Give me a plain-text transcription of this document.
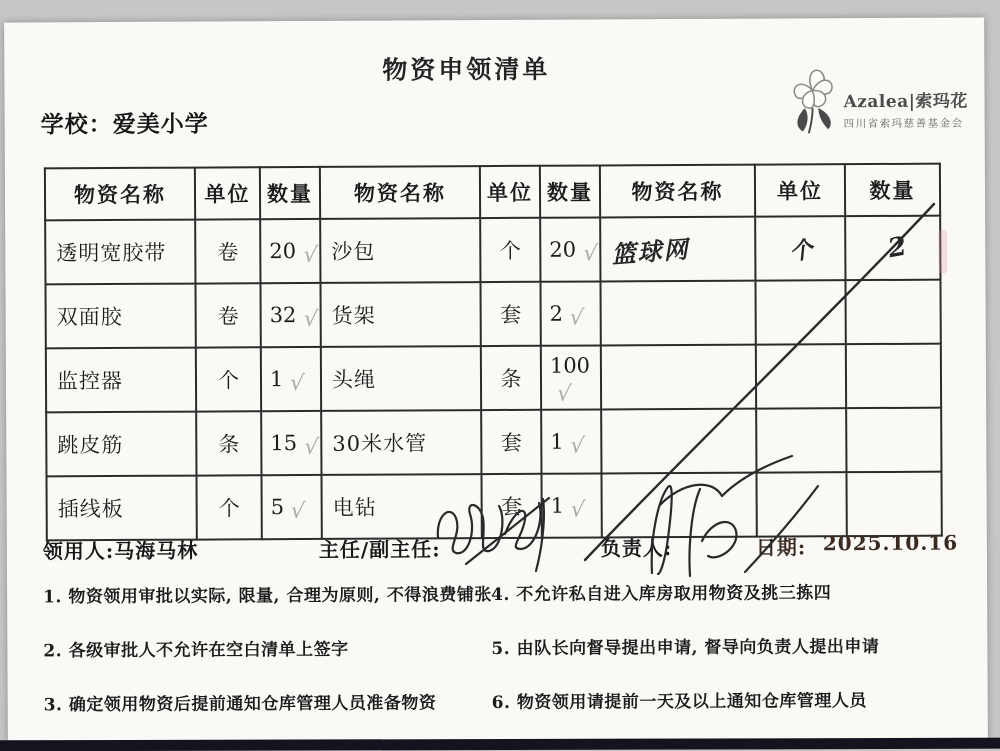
物资申领清单
Azalea|索玛花
四川省索玛慈善基金会
学校：爱美小学
物资名称	单位	数量	物资名称	单位	数量	物资名称	单位	数量
透明宽胶带	卷	20 √	沙包	个	20 √	篮球网	个	2
双面胶	卷	32 √	货架	套	2 √			
监控器	个	1 √	头绳	条	100√			
跳皮筋	条	15 √	30米水管	套	1 √			
插线板	个	5 √	电钻	套	1 √			
领用人:马海马林	主任/副主任:	负责人:	日期: 2025.10.16
1. 物资领用审批以实际, 限量, 合理为原则, 不得浪费铺张
2. 各级审批人不允许在空白清单上签字
3. 确定领用物资后提前通知仓库管理人员准备物资
4. 不允许私自进入库房取用物资及挑三拣四
5. 由队长向督导提出申请, 督导向负责人提出申请
6. 物资领用请提前一天及以上通知仓库管理人员
